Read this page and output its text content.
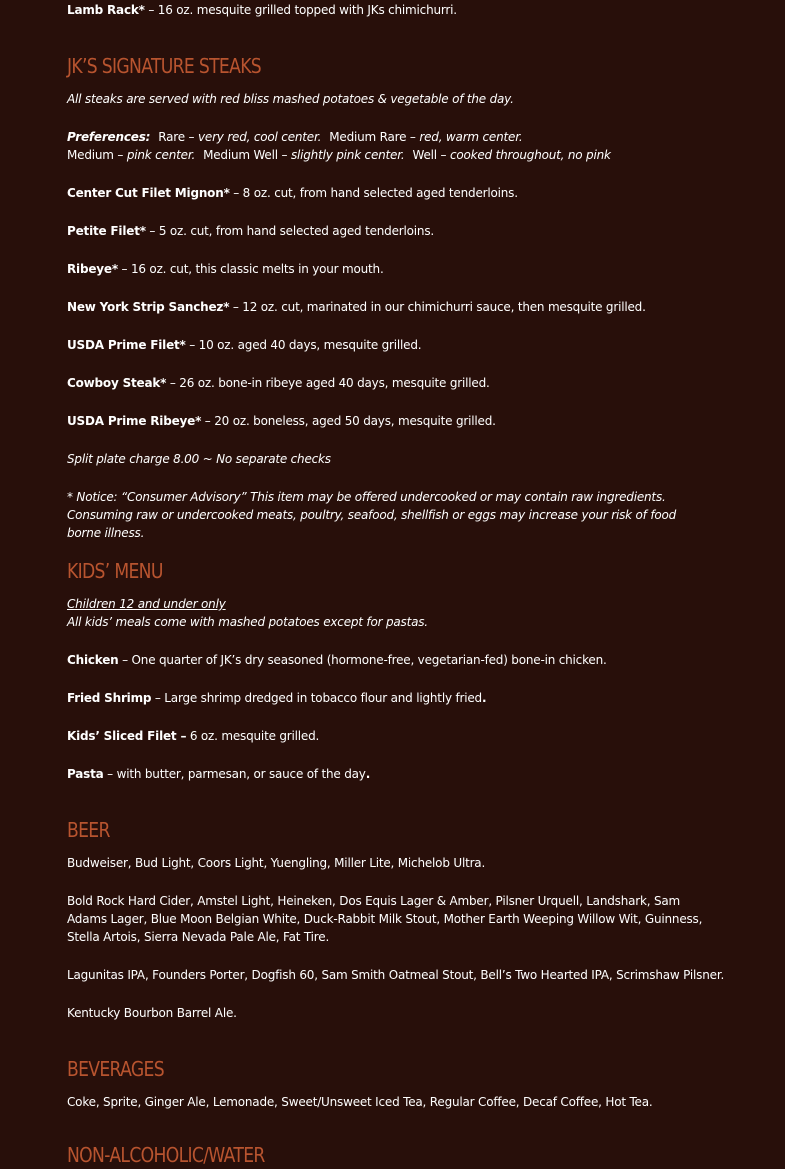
Lamb Rack* – 16 oz. mesquite grilled topped with JKs chimichurri.

JK’S SIGNATURE STEAKS

All steaks are served with red bliss mashed potatoes & vegetable of the day.

Preferences: Rare – very red, cool center. Medium Rare – red, warm center.

Medium – pink center. Medium Well – slightly pink center. Well – cooked throughout, no pink

Center Cut Filet Mignon* – 8 oz. cut, from hand selected aged tenderloins.

Petite Filet* – 5 oz. cut, from hand selected aged tenderloins.

Ribeye* – 16 oz. cut, this classic melts in your mouth.

New York Strip Sanchez* – 12 oz. cut, marinated in our chimichurri sauce, then mesquite grilled.

USDA Prime Filet* – 10 oz. aged 40 days, mesquite grilled.

Cowboy Steak* – 26 oz. bone-in ribeye aged 40 days, mesquite grilled.

USDA Prime Ribeye* – 20 oz. boneless, aged 50 days, mesquite grilled.

Split plate charge 8.00 ~ No separate checks

* Notice: “Consumer Advisory” This item may be offered undercooked or may contain raw ingredients. Consuming raw or undercooked meats, poultry, seafood, shellfish or eggs may increase your risk of food borne illness.

KIDS’ MENU

Children 12 and under only

All kids’ meals come with mashed potatoes except for pastas.

Chicken – One quarter of JK’s dry seasoned (hormone-free, vegetarian-fed) bone-in chicken.

Fried Shrimp – Large shrimp dredged in tobacco flour and lightly fried.

Kids’ Sliced Filet – 6 oz. mesquite grilled.

Pasta – with butter, parmesan, or sauce of the day.

BEER

Budweiser, Bud Light, Coors Light, Yuengling, Miller Lite, Michelob Ultra.

Bold Rock Hard Cider, Amstel Light, Heineken, Dos Equis Lager & Amber, Pilsner Urquell, Landshark, Sam Adams Lager, Blue Moon Belgian White, Duck-Rabbit Milk Stout, Mother Earth Weeping Willow Wit, Guinness, Stella Artois, Sierra Nevada Pale Ale, Fat Tire.

Lagunitas IPA, Founders Porter, Dogfish 60, Sam Smith Oatmeal Stout, Bell’s Two Hearted IPA, Scrimshaw Pilsner.

Kentucky Bourbon Barrel Ale.

BEVERAGES

Coke, Sprite, Ginger Ale, Lemonade, Sweet/Unsweet Iced Tea, Regular Coffee, Decaf Coffee, Hot Tea.

NON-ALCOHOLIC/WATER
